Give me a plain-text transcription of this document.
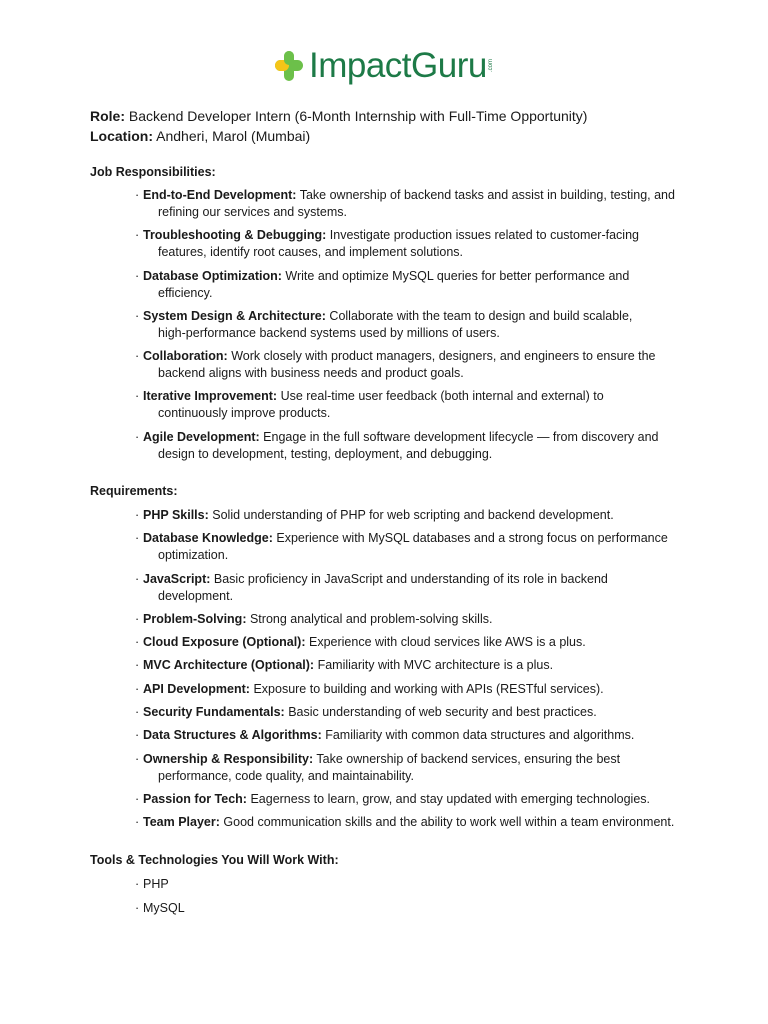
ImpactGuru .com
Role: Backend Developer Intern (6-Month Internship with Full-Time Opportunity)
Location: Andheri, Marol (Mumbai)
Job Responsibilities:
· End-to-End Development: Take ownership of backend tasks and assist in building, testing, and
refining our services and systems.
· Troubleshooting & Debugging: Investigate production issues related to customer-facing
features, identify root causes, and implement solutions.
· Database Optimization: Write and optimize MySQL queries for better performance and
efficiency.
· System Design & Architecture: Collaborate with the team to design and build scalable,
high-performance backend systems used by millions of users.
· Collaboration: Work closely with product managers, designers, and engineers to ensure the
backend aligns with business needs and product goals.
· Iterative Improvement: Use real-time user feedback (both internal and external) to
continuously improve products.
· Agile Development: Engage in the full software development lifecycle — from discovery and
design to development, testing, deployment, and debugging.
Requirements:
· PHP Skills: Solid understanding of PHP for web scripting and backend development.
· Database Knowledge: Experience with MySQL databases and a strong focus on performance
optimization.
· JavaScript: Basic proficiency in JavaScript and understanding of its role in backend
development.
· Problem-Solving: Strong analytical and problem-solving skills.
· Cloud Exposure (Optional): Experience with cloud services like AWS is a plus.
· MVC Architecture (Optional): Familiarity with MVC architecture is a plus.
· API Development: Exposure to building and working with APIs (RESTful services).
· Security Fundamentals: Basic understanding of web security and best practices.
· Data Structures & Algorithms: Familiarity with common data structures and algorithms.
· Ownership & Responsibility: Take ownership of backend services, ensuring the best
performance, code quality, and maintainability.
· Passion for Tech: Eagerness to learn, grow, and stay updated with emerging technologies.
· Team Player: Good communication skills and the ability to work well within a team environment.
Tools & Technologies You Will Work With:
· PHP
· MySQL
